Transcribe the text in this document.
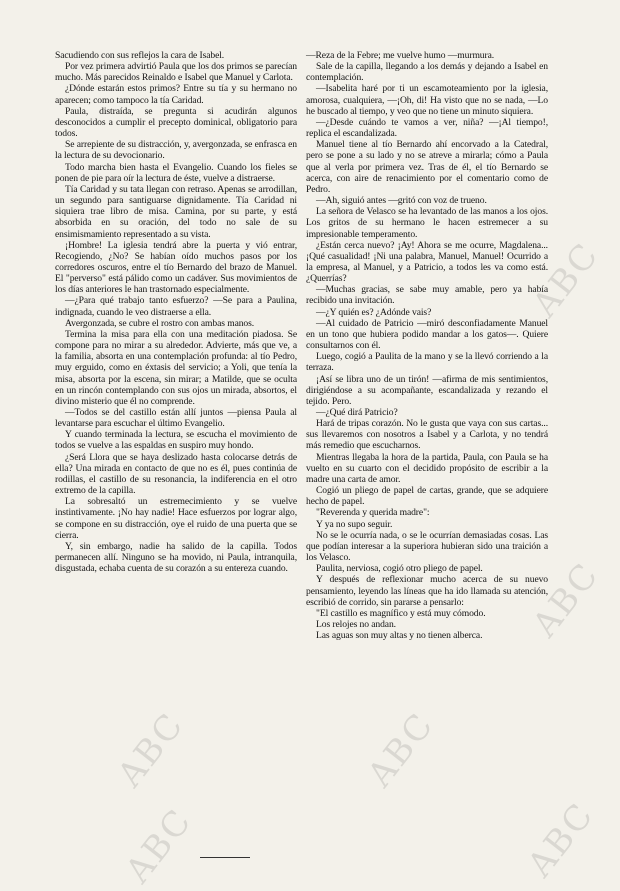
Sacudiendo con sus reflejos la cara de Isabel.

Por vez primera advirtió Paula que los dos primos se parecían mucho. Más parecidos Reinaldo e Isabel que Manuel y Carlota.

¿Dónde estarán estos primos? Entre su tía y su hermano no aparecen; como tampoco la tía Caridad.

Paula, distraída, se pregunta si acudirán algunos desconocidos a cumplir el precepto dominical, obligatorio para todos.

Se arrepiente de su distracción, y, avergonzada, se enfrasca en la lectura de su devocionario.

Todo marcha bien hasta el Evangelio. Cuando los fieles se ponen de pie para oír la lectura de éste, vuelve a distraerse.

Tía Caridad y su tata llegan con retraso. Apenas se arrodillan, un segundo para santiguarse dignidamente. Tía Caridad ni siquiera trae libro de misa. Camina, por su parte, y está absorbida en su oración, del todo no sale de su ensimismamiento representado a su vista.

¡Hombre! La iglesia tendrá abre la puerta y vió entrar, Recogiendo, ¿No? Se habían oído muchos pasos por los corredores oscuros, entre el tío Bernardo del brazo de Manuel. El "perverso" está pálido como un cadáver. Sus movimientos de los días anteriores le han trastornado especialmente.

—¿Para qué trabajo tanto esfuerzo? —Se para a Paulina, indignada, cuando le veo distraerse a ella.

Avergonzada, se cubre el rostro con ambas manos.

Termina la misa para ella con una meditación piadosa. Se compone para no mirar a su alrededor. Advierte, más que ve, a la familia, absorta en una contemplación profunda: al tío Pedro, muy erguido, como en éxtasis del servicio; a Yoli, que tenía la misa, absorta por la escena, sin mirar; a Matilde, que se oculta en un rincón contemplando con sus ojos un mirada, absortos, el divino misterio que él no comprende.

—Todos se del castillo están allí juntos —piensa Paula al levantarse para escuchar el último Evangelio.

Y cuando terminada la lectura, se escucha el movimiento de todos se vuelve a las espaldas en suspiro muy hondo.

¿Será Llora que se haya deslizado hasta colocarse detrás de ella? Una mirada en contacto de que no es él, pues continúa de rodillas, el castillo de su resonancia, la indiferencia en el otro extremo de la capilla.

La sobresaltó un estremecimiento y se vuelve instintivamente. ¡No hay nadie! Hace esfuerzos por lograr algo, se compone en su distracción, oye el ruido de una puerta que se cierra.

Y, sin embargo, nadie ha salido de la capilla. Todos permanecen allí. Ninguno se ha movido, ni Paula, intranquila, disgustada, echaba cuenta de su corazón a su entereza cuando.

—Reza de la Febre; me vuelve humo —murmura.

Sale de la capilla, llegando a los demás y dejando a Isabel en contemplación.

—Isabelita haré por ti un escamoteamiento por la iglesia, amorosa, cualquiera, —¡Oh, di! Ha visto que no se nada, —Lo he buscado al tiempo, y veo que no tiene un minuto siquiera.

—¿Desde cuándo te vamos a ver, niña? —¡Al tiempo!, replica el escandalizada.

Manuel tiene al tío Bernardo ahí encorvado a la Catedral, pero se pone a su lado y no se atreve a mirarla; cómo a Paula que al verla por primera vez. Tras de él, el tío Bernardo se acerca, con aire de renacimiento por el comentario como de Pedro.

—Ah, siguió antes —gritó con voz de trueno.

La señora de Velasco se ha levantado de las manos a los ojos. Los gritos de su hermano le hacen estremecer a su impresionable temperamento.

¿Están cerca nuevo? ¡Ay! Ahora se me ocurre, Magdalena... ¡Qué casualidad! ¡Ni una palabra, Manuel, Manuel! Ocurrido a la empresa, al Manuel, y a Patricio, a todos les va como está. ¿Querrías?

—Muchas gracias, se sabe muy amable, pero ya había recibido una invitación.

—¿Y quién es? ¿Adónde vais?

—Al cuidado de Patricio —miró desconfiadamente Manuel en un tono que hubiera podido mandar a los gatos—. Quiere consultarnos con él.

Luego, cogió a Paulita de la mano y se la llevó corriendo a la terraza.

¡Así se libra uno de un tirón! —afirma de mis sentimientos, dirigiéndose a su acompañante, escandalizada y rezando el tejido. Pero.

—¿Qué dirá Patricio?

Hará de tripas corazón. No le gusta que vaya con sus cartas... sus llevaremos con nosotros a Isabel y a Carlota, y no tendrá más remedio que escucharnos.

Mientras llegaba la hora de la partida, Paula, con Paula se ha vuelto en su cuarto con el decidido propósito de escribir a la madre una carta de amor.

Cogió un pliego de papel de cartas, grande, que se adquiere hecho de papel.

"Reverenda y querida madre":

Y ya no supo seguir.

No se le ocurría nada, o se le ocurrían demasiadas cosas. Las que podían interesar a la superiora hubieran sido una traición a los Velasco.

Paulita, nerviosa, cogió otro pliego de papel.

Y después de reflexionar mucho acerca de su nuevo pensamiento, leyendo las líneas que ha ido llamada su atención, escribió de corrido, sin pararse a pensarlo:

"El castillo es magnífico y está muy cómodo.

Los relojes no andan.

Las aguas son muy altas y no tienen alberca.

ABC
ABC
ABC	ABC
ABC
ABC
